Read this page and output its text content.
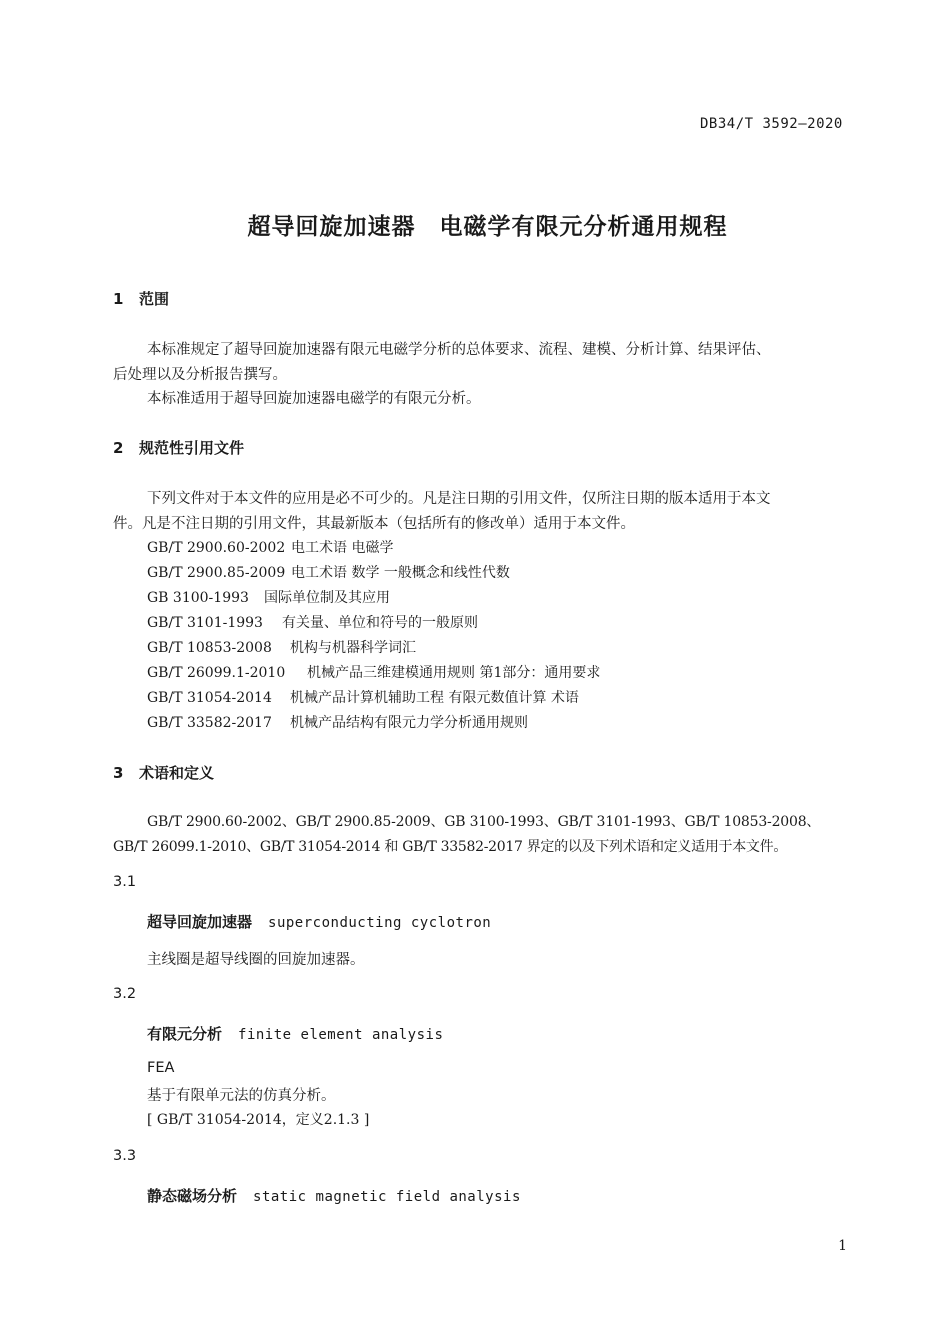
DB34/T 3592—2020
超导回旋加速器　电磁学有限元分析通用规程
1 范围
本标准规定了超导回旋加速器有限元电磁学分析的总体要求、流程、建模、分析计算、结果评估、
后处理以及分析报告撰写。
本标准适用于超导回旋加速器电磁学的有限元分析。
2 规范性引用文件
下列文件对于本文件的应用是必不可少的。凡是注日期的引用文件，仅所注日期的版本适用于本文
件。凡是不注日期的引用文件，其最新版本（包括所有的修改单）适用于本文件。
GB/T 2900.60-2002 电工术语 电磁学
GB/T 2900.85-2009 电工术语 数学 一般概念和线性代数
GB 3100-1993 国际单位制及其应用
GB/T 3101-1993 有关量、单位和符号的一般原则
GB/T 10853-2008 机构与机器科学词汇
GB/T 26099.1-2010 机械产品三维建模通用规则 第1部分：通用要求
GB/T 31054-2014 机械产品计算机辅助工程 有限元数值计算 术语
GB/T 33582-2017 机械产品结构有限元力学分析通用规则
3 术语和定义
GB/T 2900.60-2002、GB/T 2900.85-2009、GB 3100-1993、GB/T 3101-1993、GB/T 10853-2008、
GB/T 26099.1-2010、GB/T 31054-2014 和 GB/T 33582-2017 界定的以及下列术语和定义适用于本文件。
3.1
超导回旋加速器 superconducting cyclotron
主线圈是超导线圈的回旋加速器。
3.2
有限元分析 finite element analysis
FEA
基于有限单元法的仿真分析。
[ GB/T 31054-2014，定义2.1.3 ]
3.3
静态磁场分析 static magnetic field analysis
1
